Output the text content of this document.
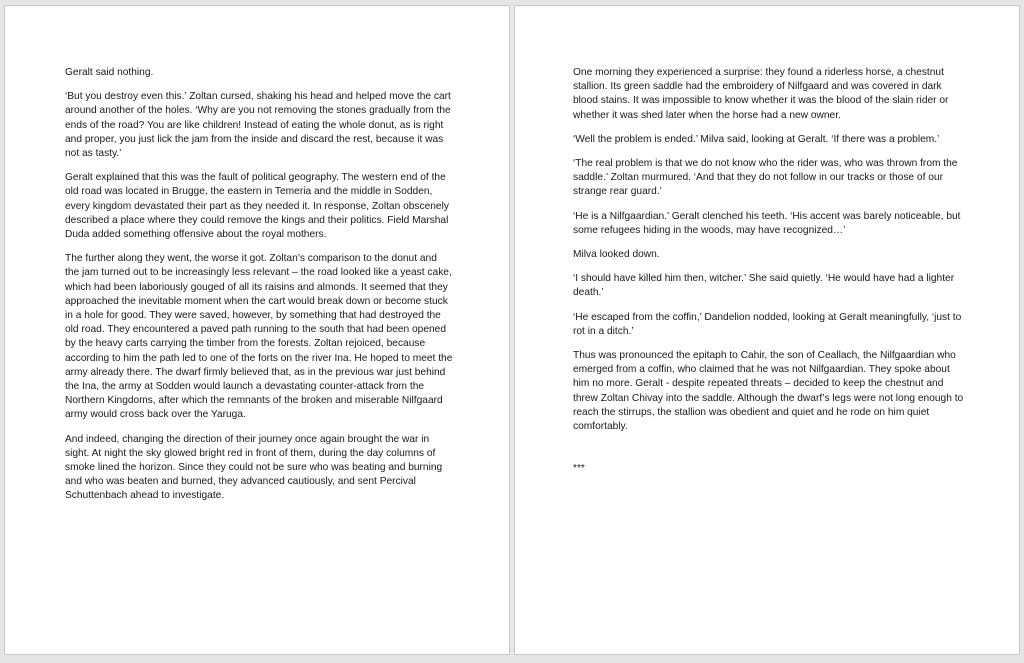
Geralt said nothing.

‘But you destroy even this.’ Zoltan cursed, shaking his head and helped move the cart around another of the holes. ‘Why are you not removing the stones gradually from the ends of the road? You are like children! Instead of eating the whole donut, as is right and proper, you just lick the jam from the inside and discard the rest, because it was not as tasty.’

Geralt explained that this was the fault of political geography. The western end of the old road was located in Brugge, the eastern in Temeria and the middle in Sodden, every kingdom devastated their part as they needed it. In response, Zoltan obscenely described a place where they could remove the kings and their politics. Field Marshal Duda added something offensive about the royal mothers.

The further along they went, the worse it got. Zoltan’s comparison to the donut and the jam turned out to be increasingly less relevant – the road looked like a yeast cake, which had been laboriously gouged of all its raisins and almonds. It seemed that they approached the inevitable moment when the cart would break down or become stuck in a hole for good. They were saved, however, by something that had destroyed the old road. They encountered a paved path running to the south that had been opened by the heavy carts carrying the timber from the forests. Zoltan rejoiced, because according to him the path led to one of the forts on the river Ina. He hoped to meet the army already there. The dwarf firmly believed that, as in the previous war just behind the Ina, the army at Sodden would launch a devastating counter-attack from the Northern Kingdoms, after which the remnants of the broken and miserable Nilfgaard army would cross back over the Yaruga.

And indeed, changing the direction of their journey once again brought the war in sight. At night the sky glowed bright red in front of them, during the day columns of smoke lined the horizon. Since they could not be sure who was beating and burning and who was beaten and burned, they advanced cautiously, and sent Percival Schuttenbach ahead to investigate.

One morning they experienced a surprise: they found a riderless horse, a chestnut stallion. Its green saddle had the embroidery of Nilfgaard and was covered in dark blood stains. It was impossible to know whether it was the blood of the slain rider or whether it was shed later when the horse had a new owner.

‘Well the problem is ended.’ Milva said, looking at Geralt. ‘If there was a problem.’

‘The real problem is that we do not know who the rider was, who was thrown from the saddle.’ Zoltan murmured. ‘And that they do not follow in our tracks or those of our strange rear guard.’

‘He is a Nilfgaardian.’ Geralt clenched his teeth. ‘His accent was barely noticeable, but some refugees hiding in the woods, may have recognized…’

Milva looked down.

‘I should have killed him then, witcher.’ She said quietly. ‘He would have had a lighter death.’

‘He escaped from the coffin,’ Dandelion nodded, looking at Geralt meaningfully, ‘just to rot in a ditch.’

Thus was pronounced the epitaph to Cahir, the son of Ceallach, the Nilfgaardian who emerged from a coffin, who claimed that he was not Nilfgaardian. They spoke about him no more. Geralt - despite repeated threats – decided to keep the chestnut and threw Zoltan Chivay into the saddle. Although the dwarf’s legs were not long enough to reach the stirrups, the stallion was obedient and quiet and he rode on him quiet comfortably.

***
